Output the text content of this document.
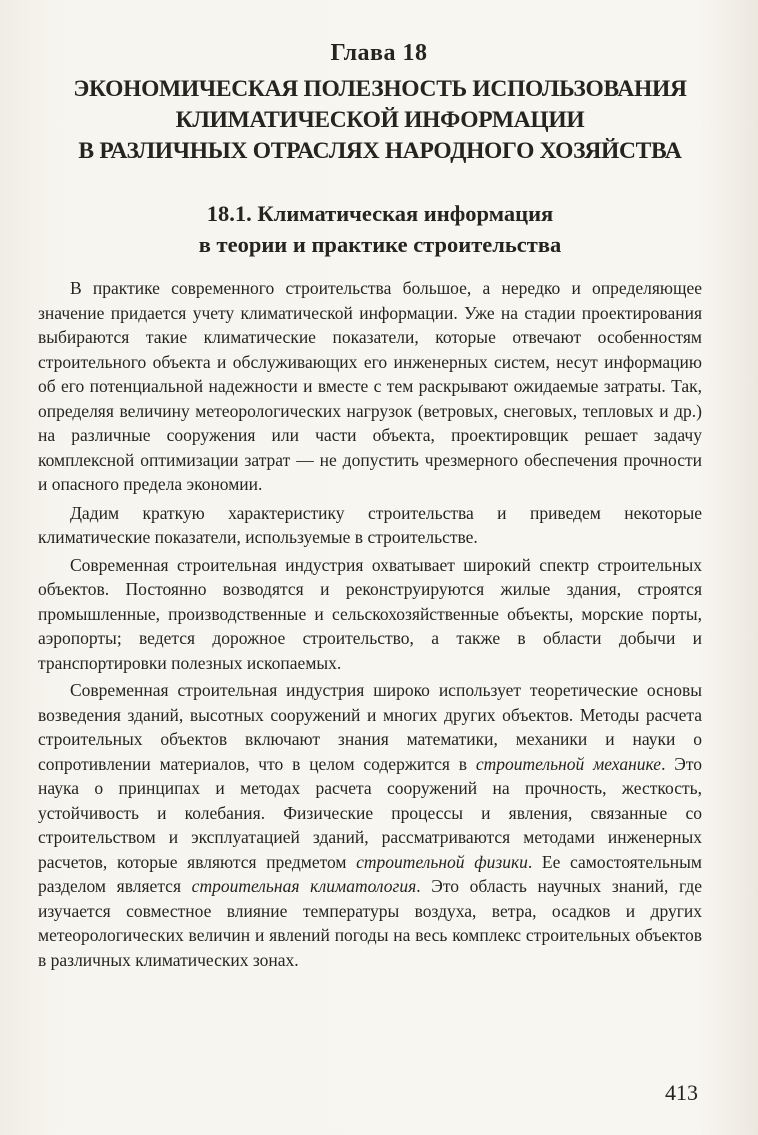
Глава 18
ЭКОНОМИЧЕСКАЯ ПОЛЕЗНОСТЬ ИСПОЛЬЗОВАНИЯ
КЛИМАТИЧЕСКОЙ ИНФОРМАЦИИ
В РАЗЛИЧНЫХ ОТРАСЛЯХ НАРОДНОГО ХОЗЯЙСТВА
18.1. Климатическая информация
в теории и практике строительства

В практике современного строительства большое, а нередко и определяющее значение придается учету климатической информации. Уже на стадии проектирования выбираются такие климатические показатели, которые отвечают особенностям строительного объекта и обслуживающих его инженерных систем, несут информацию об его потенциальной надежности и вместе с тем раскрывают ожидаемые затраты. Так, определяя величину метеорологических нагрузок (ветровых, снеговых, тепловых и др.) на различные сооружения или части объекта, проектировщик решает задачу комплексной оптимизации затрат — не допустить чрезмерного обеспечения прочности и опасного предела экономии.

Дадим краткую характеристику строительства и приведем некоторые климатические показатели, используемые в строительстве.

Современная строительная индустрия охватывает широкий спектр строительных объектов. Постоянно возводятся и реконструируются жилые здания, строятся промышленные, производственные и сельскохозяйственные объекты, морские порты, аэропорты; ведется дорожное строительство, а также в области добычи и транспортировки полезных ископаемых.

Современная строительная индустрия широко использует теоретические основы возведения зданий, высотных сооружений и многих других объектов. Методы расчета строительных объектов включают знания математики, механики и науки о сопротивлении материалов, что в целом содержится в строительной механике. Это наука о принципах и методах расчета сооружений на прочность, жесткость, устойчивость и колебания. Физические процессы и явления, связанные со строительством и эксплуатацией зданий, рассматриваются методами инженерных расчетов, которые являются предметом строительной физики. Ее самостоятельным разделом является строительная климатология. Это область научных знаний, где изучается совместное влияние температуры воздуха, ветра, осадков и других метеорологических величин и явлений погоды на весь комплекс строительных объектов в различных климатических зонах.

413
